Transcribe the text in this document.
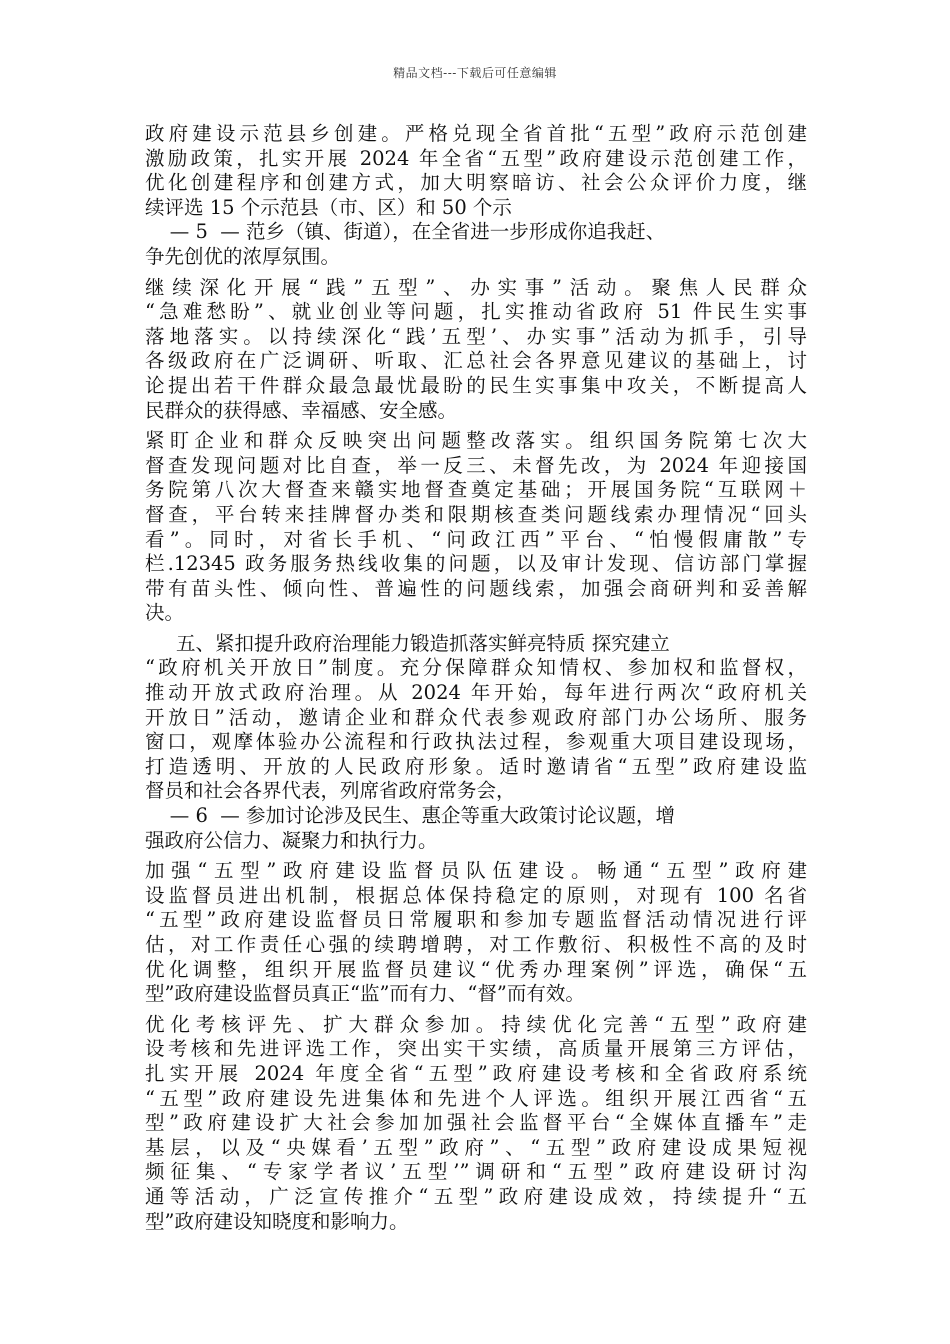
精品文档---下载后可任意编辑
政府建设示范县乡创建。严格兑现全省首批“五型”政府示范创建
激励政策，扎实开展 2024 年全省“五型”政府建设示范创建工作，
优化创建程序和创建方式，加大明察暗访、社会公众评价力度，继
续评选 15 个示范县（市、区）和 50 个示
— 5  — 范乡（镇、街道），在全省进一步形成你追我赶、
争先创优的浓厚氛围。
继续深化开展“践”五型”、办实事”活动。聚焦人民群众
“急难愁盼”、就业创业等问题，扎实推动省政府 51 件民生实事
落地落实。以持续深化“践’五型’、办实事”活动为抓手，引导
各级政府在广泛调研、听取、汇总社会各界意见建议的基础上，讨
论提出若干件群众最急最忧最盼的民生实事集中攻关，不断提高人
民群众的获得感、幸福感、安全感。
紧盯企业和群众反映突出问题整改落实。组织国务院第七次大
督查发现问题对比自查，举一反三、未督先改，为 2024 年迎接国
务院第八次大督查来赣实地督查奠定基础；开展国务院“互联网＋
督查，平台转来挂牌督办类和限期核查类问题线索办理情况“回头
看”。同时，对省长手机、“问政江西”平台、“怕慢假庸散”专
栏.12345 政务服务热线收集的问题，以及审计发现、信访部门掌握
带有苗头性、倾向性、普遍性的问题线索，加强会商研判和妥善解
决。
五、紧扣提升政府治理能力锻造抓落实鲜亮特质 探究建立
“政府机关开放日”制度。充分保障群众知情权、参加权和监督权，
推动开放式政府治理。从 2024 年开始，每年进行两次“政府机关
开放日”活动，邀请企业和群众代表参观政府部门办公场所、服务
窗口，观摩体验办公流程和行政执法过程，参观重大项目建设现场，
打造透明、开放的人民政府形象。适时邀请省“五型”政府建设监
督员和社会各界代表，列席省政府常务会，
— 6  — 参加讨论涉及民生、惠企等重大政策讨论议题，增
强政府公信力、凝聚力和执行力。
加强“五型”政府建设监督员队伍建设。畅通“五型”政府建
设监督员进出机制，根据总体保持稳定的原则，对现有 100 名省
“五型”政府建设监督员日常履职和参加专题监督活动情况进行评
估，对工作责任心强的续聘增聘，对工作敷衍、积极性不高的及时
优化调整，组织开展监督员建议“优秀办理案例”评选，确保“五
型”政府建设监督员真正“监”而有力、“督”而有效。
优化考核评先、扩大群众参加。持续优化完善“五型”政府建
设考核和先进评选工作，突出实干实绩，高质量开展第三方评估，
扎实开展 2024 年度全省“五型”政府建设考核和全省政府系统
“五型”政府建设先进集体和先进个人评选。组织开展江西省“五
型”政府建设扩大社会参加加强社会监督平台“全媒体直播车”走
基层，以及“央媒看’五型”政府”、“五型”政府建设成果短视
频征集、“专家学者议’五型’”调研和“五型”政府建设研讨沟
通等活动，广泛宣传推介“五型”政府建设成效，持续提升“五
型”政府建设知晓度和影响力。
